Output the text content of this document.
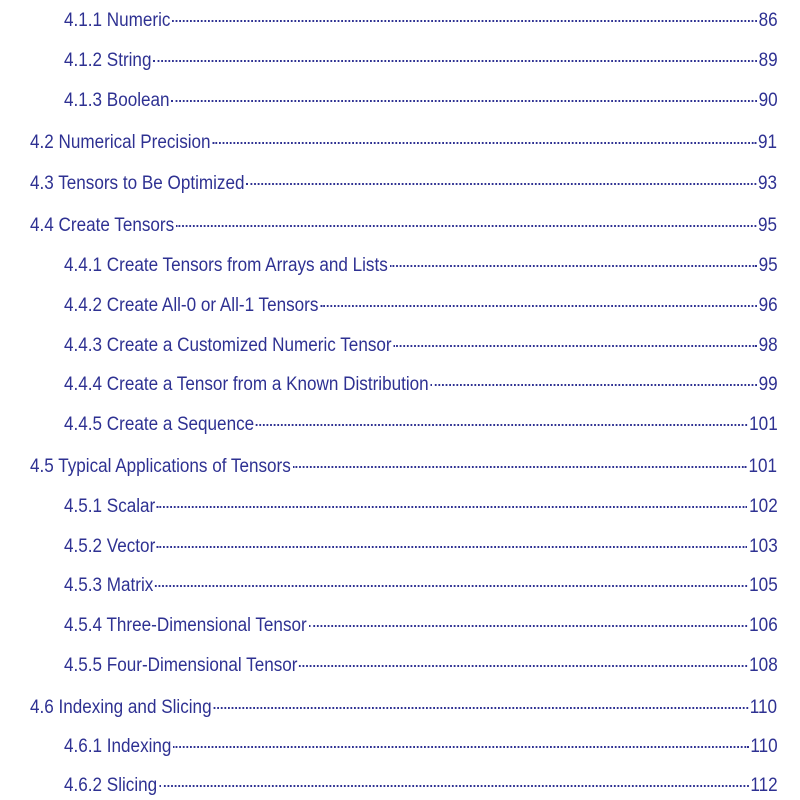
4.1.1 Numeric	86
4.1.2 String	89
4.1.3 Boolean	90
4.2 Numerical Precision	91
4.3 Tensors to Be Optimized	93
4.4 Create Tensors	95
4.4.1 Create Tensors from Arrays and Lists	95
4.4.2 Create All-0 or All-1 Tensors	96
4.4.3 Create a Customized Numeric Tensor	98
4.4.4 Create a Tensor from a Known Distribution	99
4.4.5 Create a Sequence	101
4.5 Typical Applications of Tensors	101
4.5.1 Scalar	102
4.5.2 Vector	103
4.5.3 Matrix	105
4.5.4 Three-Dimensional Tensor	106
4.5.5 Four-Dimensional Tensor	108
4.6 Indexing and Slicing	110
4.6.1 Indexing	110
4.6.2 Slicing	112
